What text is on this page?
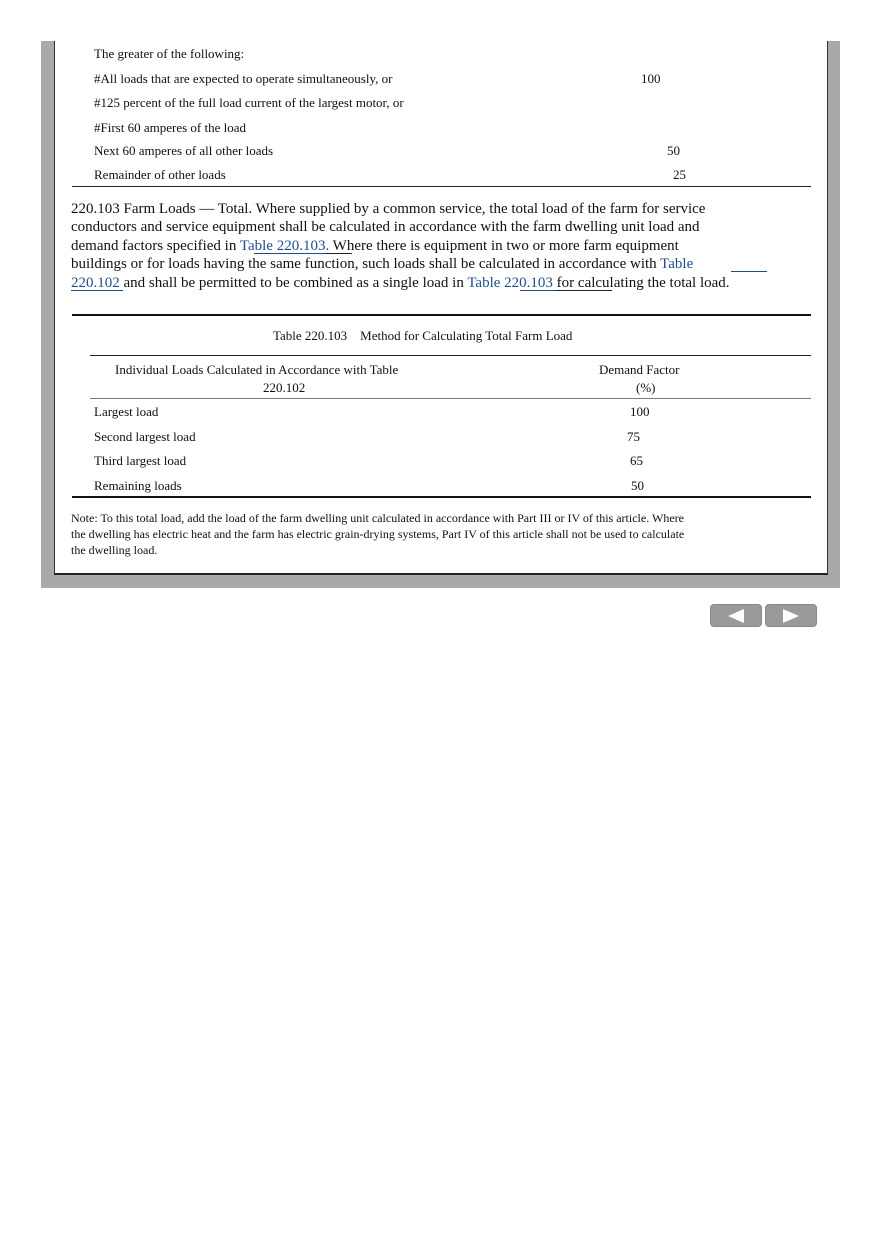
The greater of the following:
#All loads that are expected to operate simultaneously, or	100
#125 percent of the full load current of the largest motor, or
#First 60 amperes of the load
Next 60 amperes of all other loads	50
Remainder of other loads	25
220.103 Farm Loads — Total. Where supplied by a common service, the total load of the farm for service
conductors and service equipment shall be calculated in accordance with the farm dwelling unit load and
demand factors specified in Table 220.103. Where there is equipment in two or more farm equipment
buildings or for loads having the same function, such loads shall be calculated in accordance with Table
220.102 and shall be permitted to be combined as a single load in Table 220.103 for calculating the total load.
Table 220.103 Method for Calculating Total Farm Load
Individual Loads Calculated in Accordance with Table
220.102
Demand Factor
(%)
Largest load	100
Second largest load	75
Third largest load	65
Remaining loads	50
Note: To this total load, add the load of the farm dwelling unit calculated in accordance with Part III or IV of this article. Where
the dwelling has electric heat and the farm has electric grain-drying systems, Part IV of this article shall not be used to calculate
the dwelling load.
